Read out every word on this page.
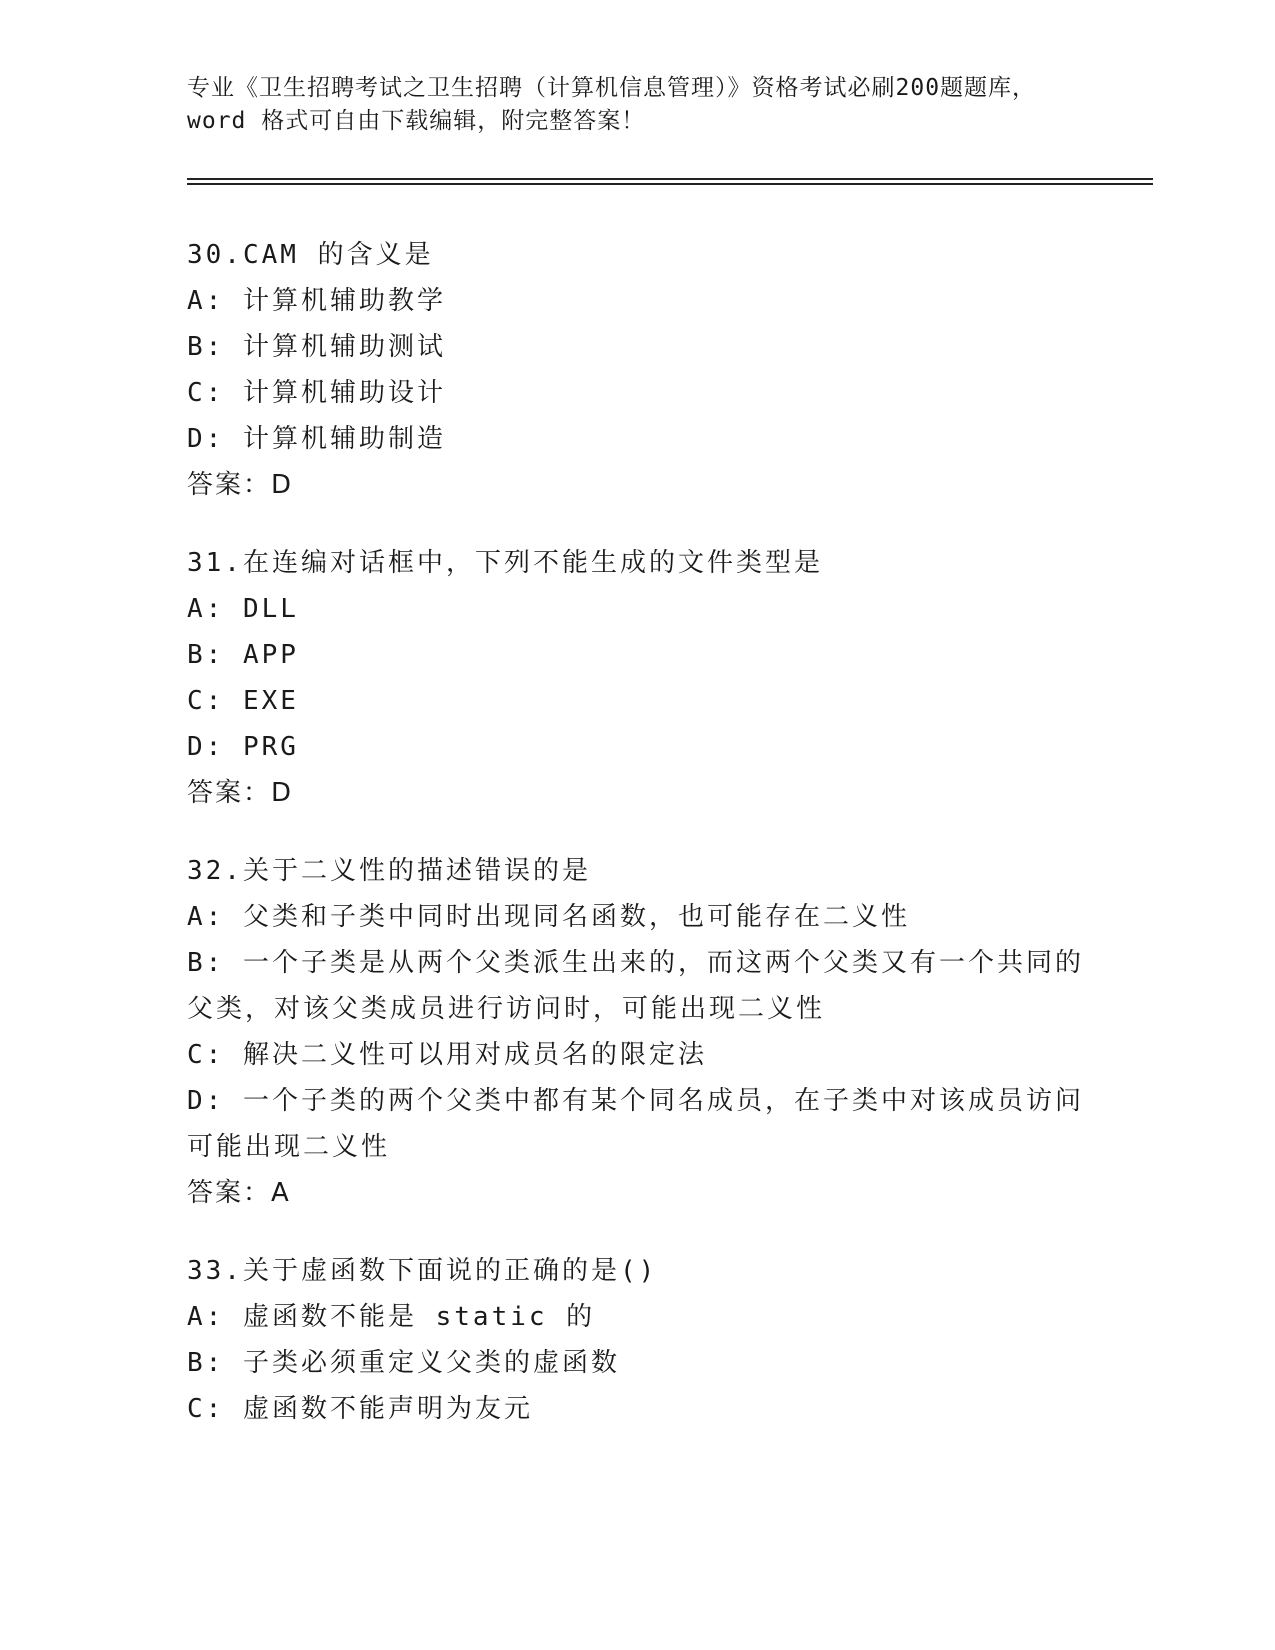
专业《卫生招聘考试之卫生招聘（计算机信息管理）》资格考试必刷200题题库，
word 格式可自由下载编辑，附完整答案！
30.CAM 的含义是
A: 计算机辅助教学
B: 计算机辅助测试
C: 计算机辅助设计
D: 计算机辅助制造
答案：D
31.在连编对话框中，下列不能生成的文件类型是
A: DLL
B: APP
C: EXE
D: PRG
答案：D
32.关于二义性的描述错误的是
A: 父类和子类中同时出现同名函数，也可能存在二义性
B: 一个子类是从两个父类派生出来的，而这两个父类又有一个共同的
父类，对该父类成员进行访问时，可能出现二义性
C: 解决二义性可以用对成员名的限定法
D: 一个子类的两个父类中都有某个同名成员，在子类中对该成员访问
可能出现二义性
答案：A
33.关于虚函数下面说的正确的是()
A: 虚函数不能是 static 的
B: 子类必须重定义父类的虚函数
C: 虚函数不能声明为友元
